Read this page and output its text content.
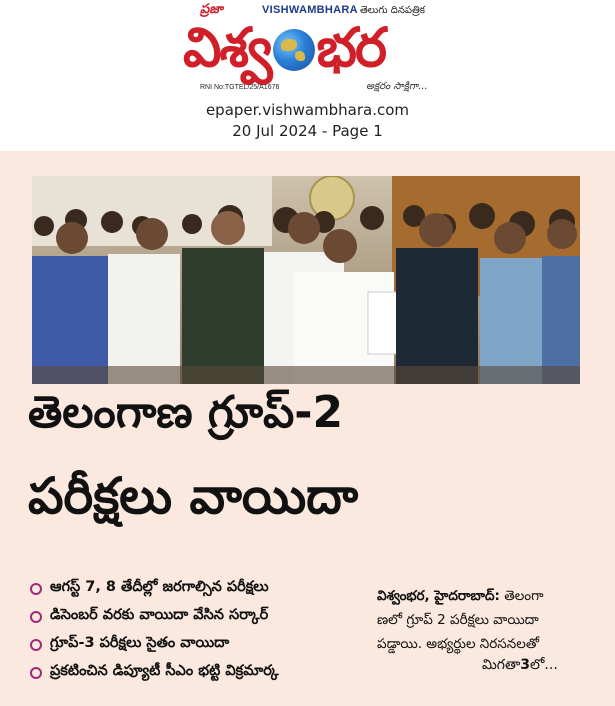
ప్రజా	VISHWAMBHARA తెలుగు దినపత్రిక
విశ్వ భర
RNI No:TGTEL/25/A1676	అక్షరం సాక్షిగా...
epaper.vishwambhara.com
20 Jul 2024 - Page 1
తెలంగాణ గ్రూప్-2
పరీక్షలు వాయిదా
ఆగస్ట్ 7, 8 తేదీల్లో జరగాల్సిన పరీక్షలు
డిసెంబర్ వరకు వాయిదా వేసిన సర్కార్
గ్రూప్-3 పరీక్షలు సైతం వాయిదా
ప్రకటించిన డిప్యూటీ సీఎం భట్టి విక్రమార్క
విశ్వంభర, హైదరాబాద్: తెలంగా
ణలో గ్రూప్ 2 పరీక్షలు వాయిదా
పడ్డాయి. అభ్యర్థుల నిరసనలతో
మిగతా3లో...
